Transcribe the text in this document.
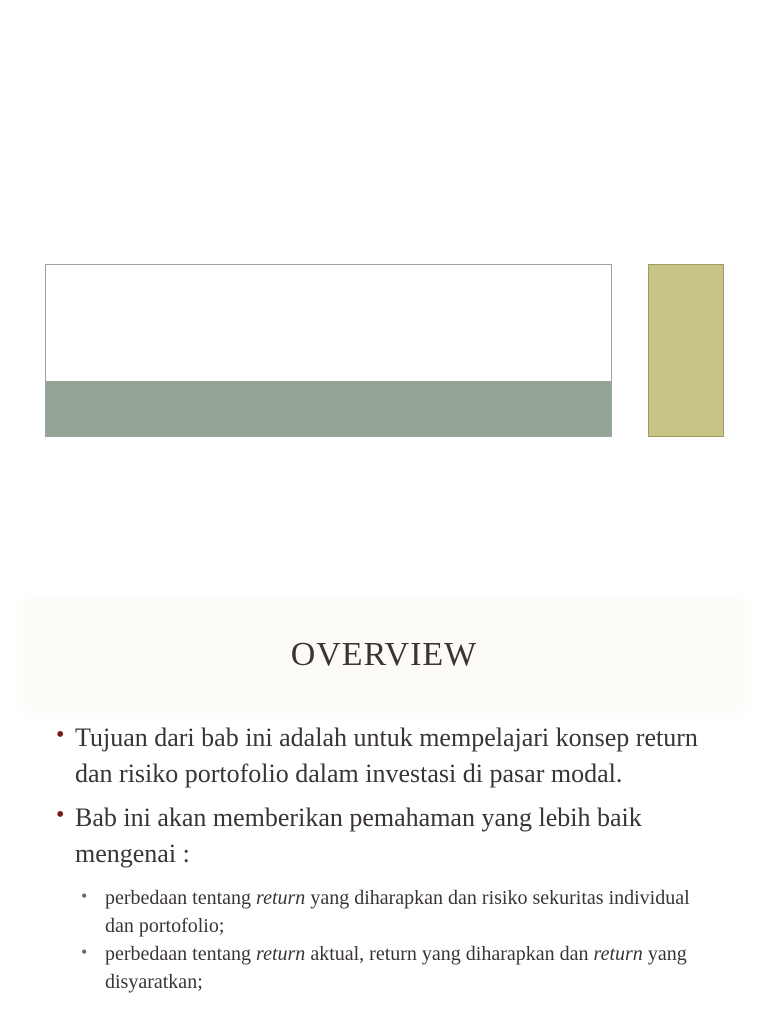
OVERVIEW
• Tujuan dari bab ini adalah untuk mempelajari konsep return dan risiko portofolio dalam investasi di pasar modal.
• Bab ini akan memberikan pemahaman yang lebih baik mengenai :
• perbedaan tentang return yang diharapkan dan risiko sekuritas individual dan portofolio;
• perbedaan tentang return aktual, return yang diharapkan dan return yang disyaratkan;
